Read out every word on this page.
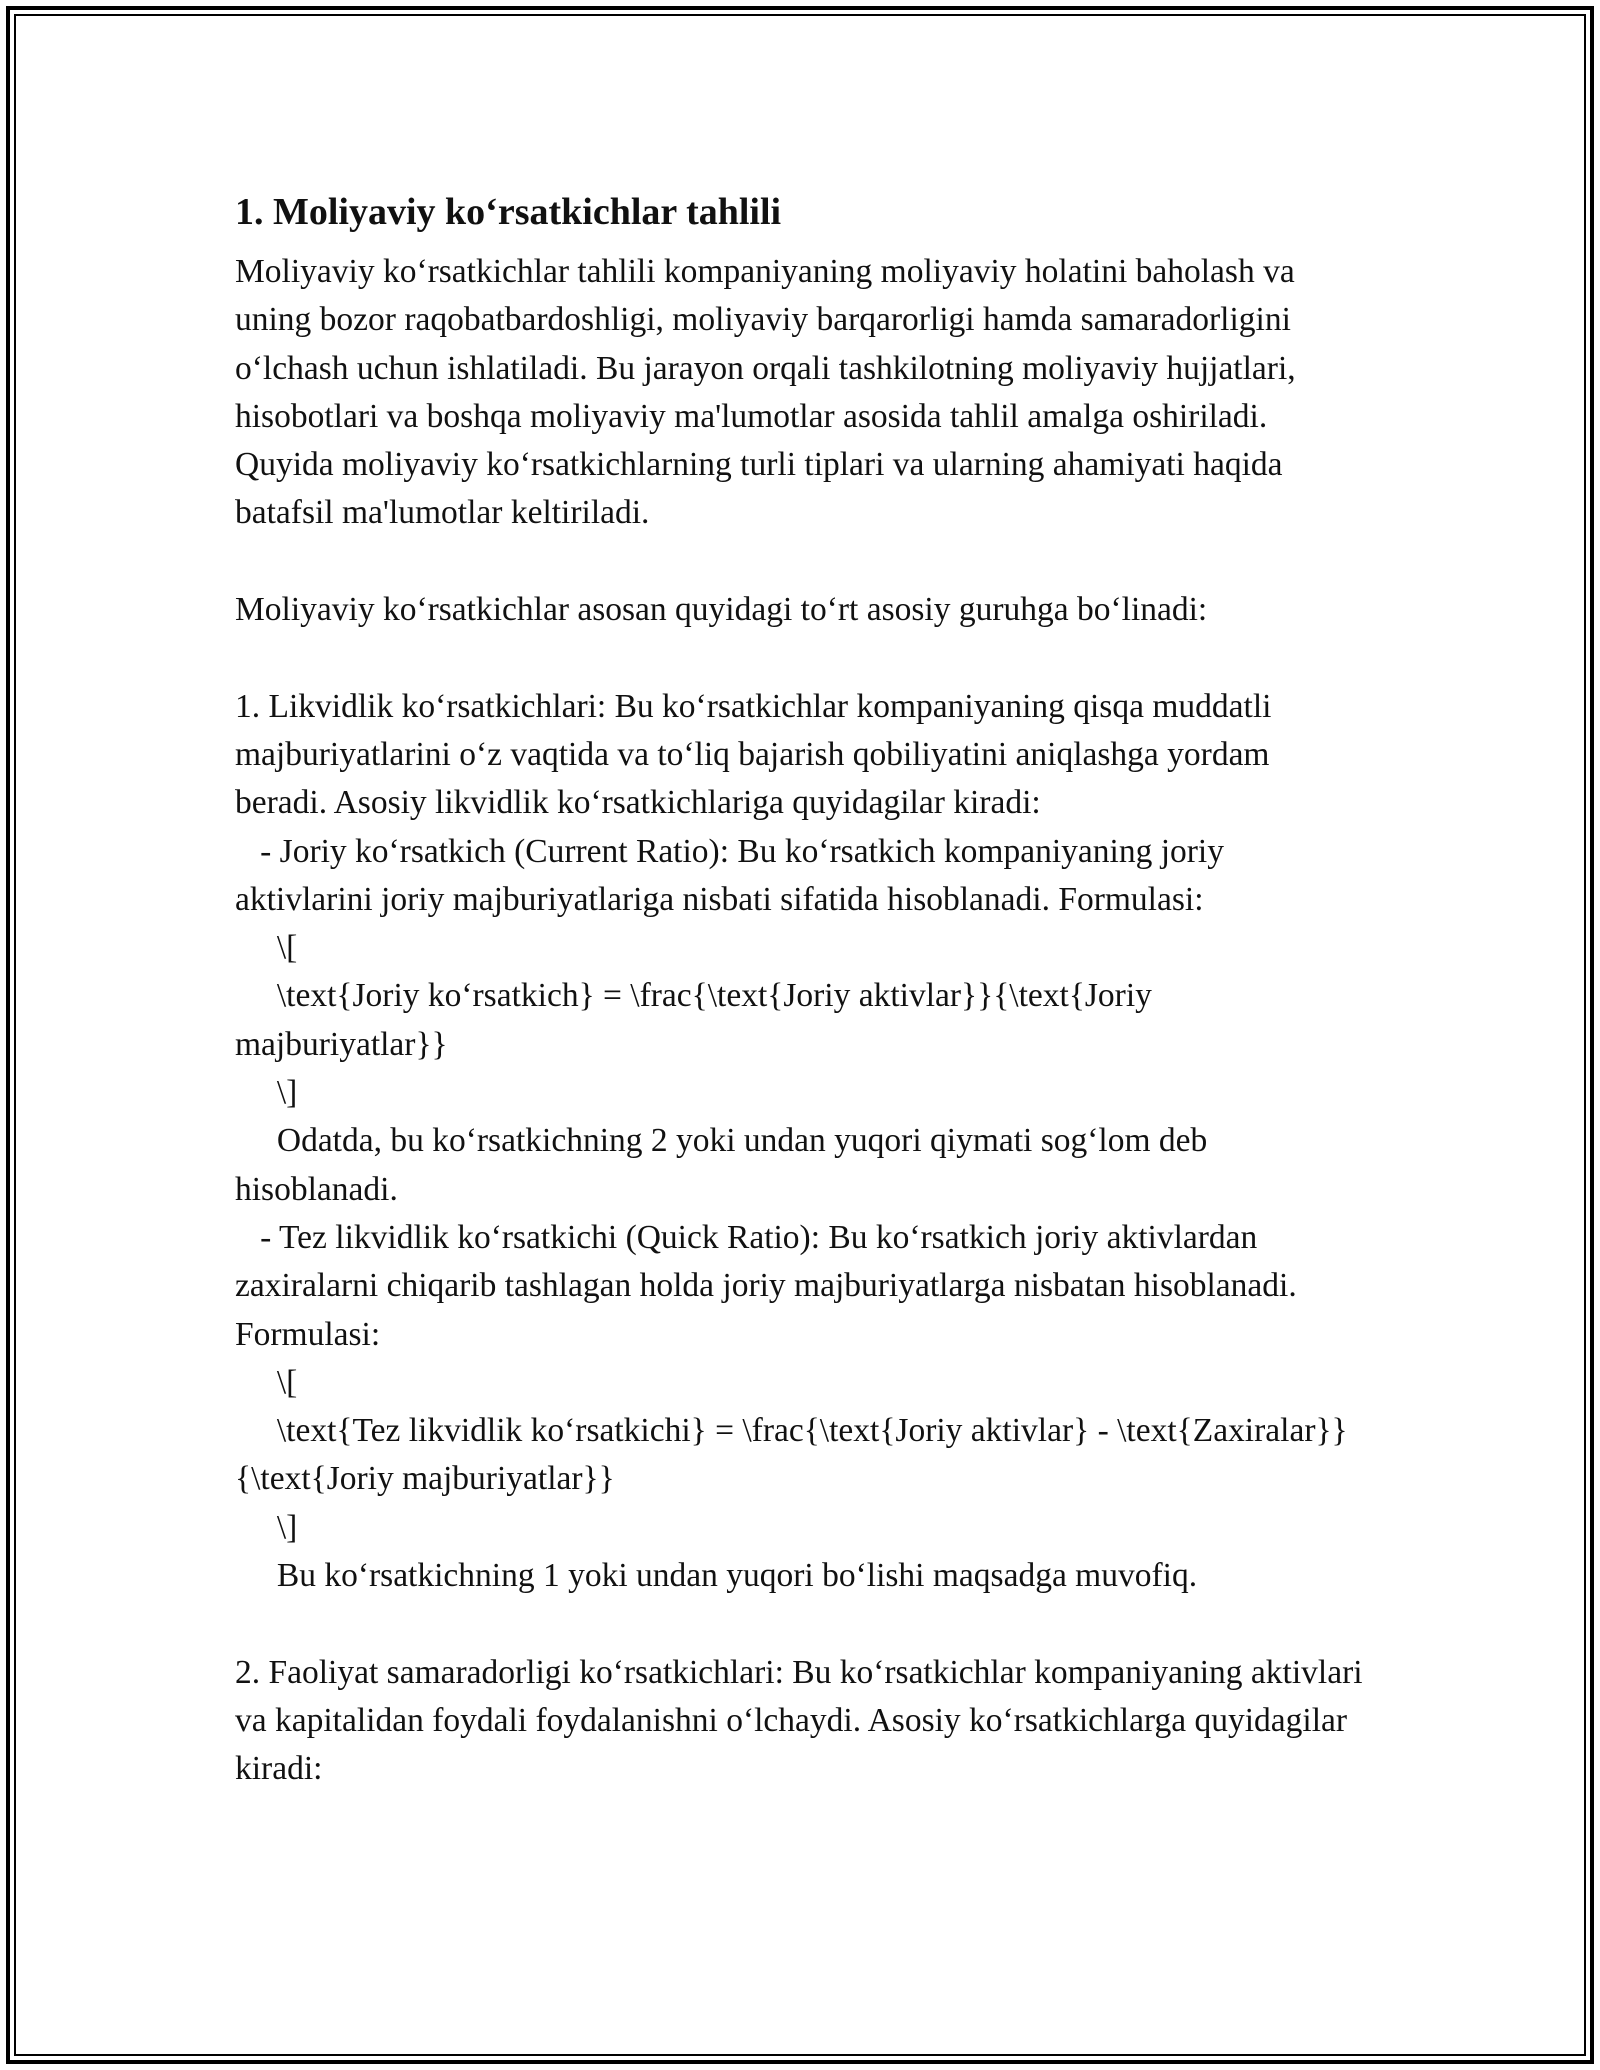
1. Moliyaviy ko‘rsatkichlar tahlili

Moliyaviy ko‘rsatkichlar tahlili kompaniyaning moliyaviy holatini baholash va uning bozor raqobatbardoshligi, moliyaviy barqarorligi hamda samaradorligini o‘lchash uchun ishlatiladi. Bu jarayon orqali tashkilotning moliyaviy hujjatlari, hisobotlari va boshqa moliyaviy ma'lumotlar asosida tahlil amalga oshiriladi. Quyida moliyaviy ko‘rsatkichlarning turli tiplari va ularning ahamiyati haqida batafsil ma'lumotlar keltiriladi.

Moliyaviy ko‘rsatkichlar asosan quyidagi to‘rt asosiy guruhga bo‘linadi:

1. Likvidlik ko‘rsatkichlari: Bu ko‘rsatkichlar kompaniyaning qisqa muddatli majburiyatlarini o‘z vaqtida va to‘liq bajarish qobiliyatini aniqlashga yordam beradi. Asosiy likvidlik ko‘rsatkichlariga quyidagilar kiradi:

- Joriy ko‘rsatkich (Current Ratio): Bu ko‘rsatkich kompaniyaning joriy aktivlarini joriy majburiyatlariga nisbati sifatida hisoblanadi. Formulasi:

\[

\text{Joriy ko‘rsatkich} = \frac{\text{Joriy aktivlar}}{\text{Joriy majburiyatlar}}

\]

Odatda, bu ko‘rsatkichning 2 yoki undan yuqori qiymati sog‘lom deb hisoblanadi.

- Tez likvidlik ko‘rsatkichi (Quick Ratio): Bu ko‘rsatkich joriy aktivlardan zaxiralarni chiqarib tashlagan holda joriy majburiyatlarga nisbatan hisoblanadi. Formulasi:

\[

\text{Tez likvidlik ko‘rsatkichi} = \frac{\text{Joriy aktivlar} - \text{Zaxiralar}}{\text{Joriy majburiyatlar}}

\]

Bu ko‘rsatkichning 1 yoki undan yuqori bo‘lishi maqsadga muvofiq.

2. Faoliyat samaradorligi ko‘rsatkichlari: Bu ko‘rsatkichlar kompaniyaning aktivlari va kapitalidan foydali foydalanishni o‘lchaydi. Asosiy ko‘rsatkichlarga quyidagilar kiradi:
